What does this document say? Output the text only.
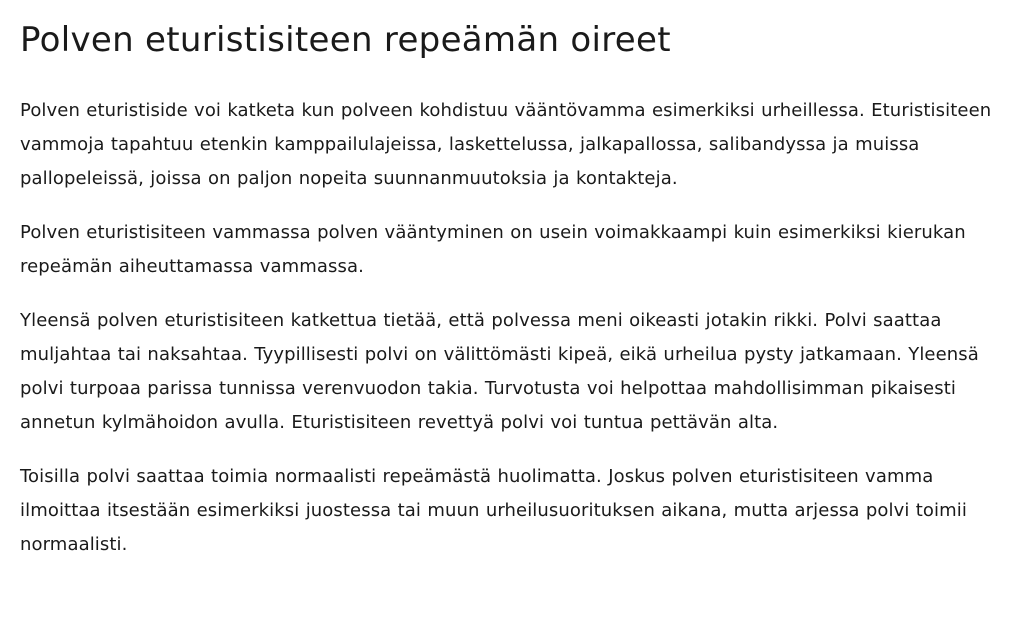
Polven eturistisiteen repeämän oireet

Polven eturistiside voi katketa kun polveen kohdistuu vääntövamma esimerkiksi urheillessa. Eturistisiteen vammoja tapahtuu etenkin kamppailulajeissa, laskettelussa, jalkapallossa, salibandyssa ja muissa pallopeleissä, joissa on paljon nopeita suunnanmuutoksia ja kontakteja.

Polven eturistisiteen vammassa polven vääntyminen on usein voimakkaampi kuin esimerkiksi kierukan repeämän aiheuttamassa vammassa.

Yleensä polven eturistisiteen katkettua tietää, että polvessa meni oikeasti jotakin rikki. Polvi saattaa muljahtaa tai naksahtaa. Tyypillisesti polvi on välittömästi kipeä, eikä urheilua pysty jatkamaan. Yleensä polvi turpoaa parissa tunnissa verenvuodon takia. Turvotusta voi helpottaa mahdollisimman pikaisesti annetun kylmähoidon avulla. Eturistisiteen revettyä polvi voi tuntua pettävän alta.

Toisilla polvi saattaa toimia normaalisti repeämästä huolimatta. Joskus polven eturistisiteen vamma ilmoittaa itsestään esimerkiksi juostessa tai muun urheilusuorituksen aikana, mutta arjessa polvi toimii normaalisti.
